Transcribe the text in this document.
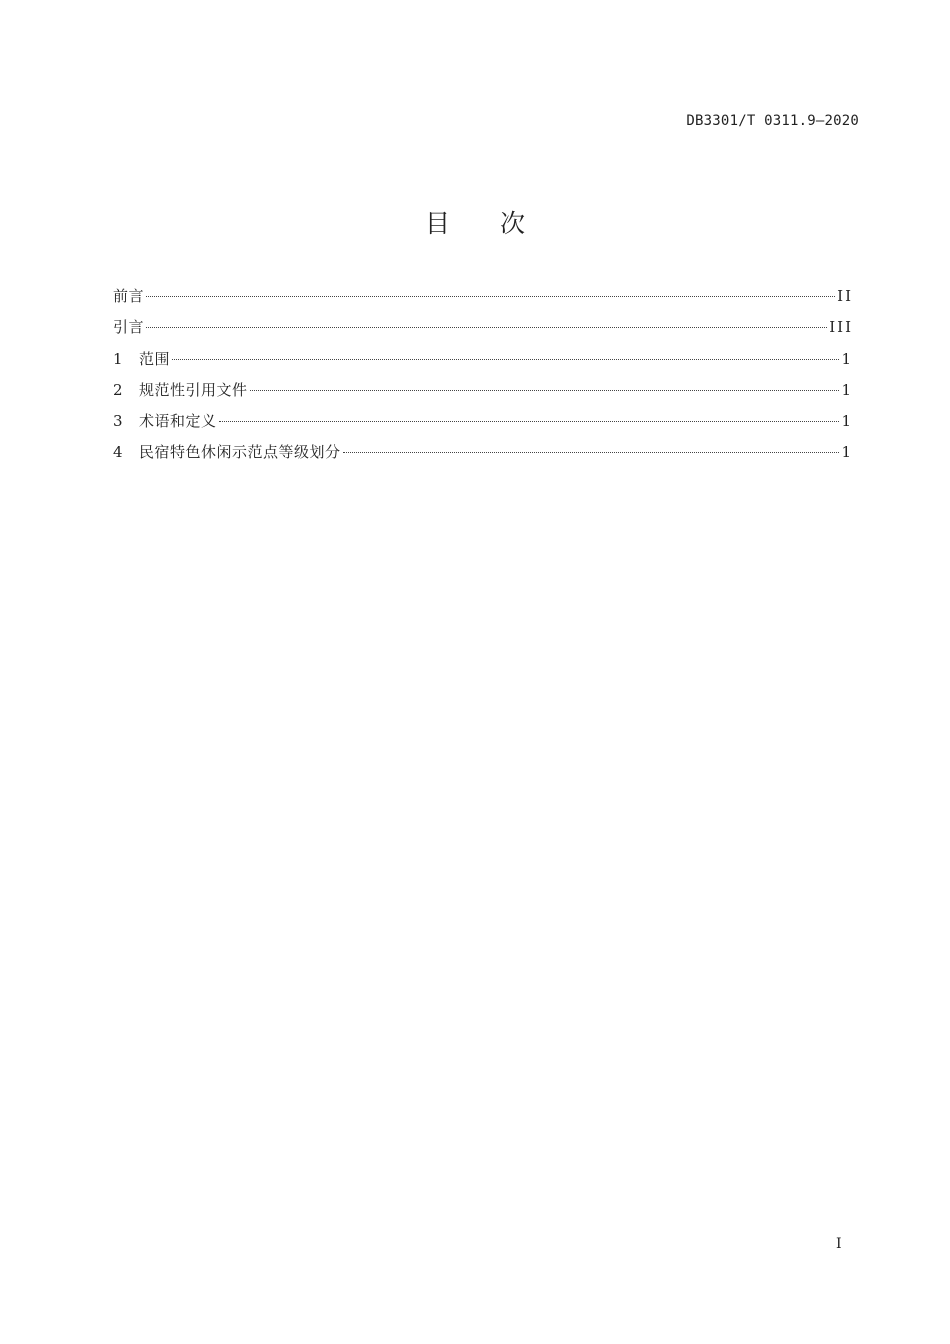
DB3301/T 0311.9—2020
目次
前言	II
引言	III
1	范围	1
2	规范性引用文件	1
3	术语和定义	1
4	民宿特色休闲示范点等级划分	1
I
